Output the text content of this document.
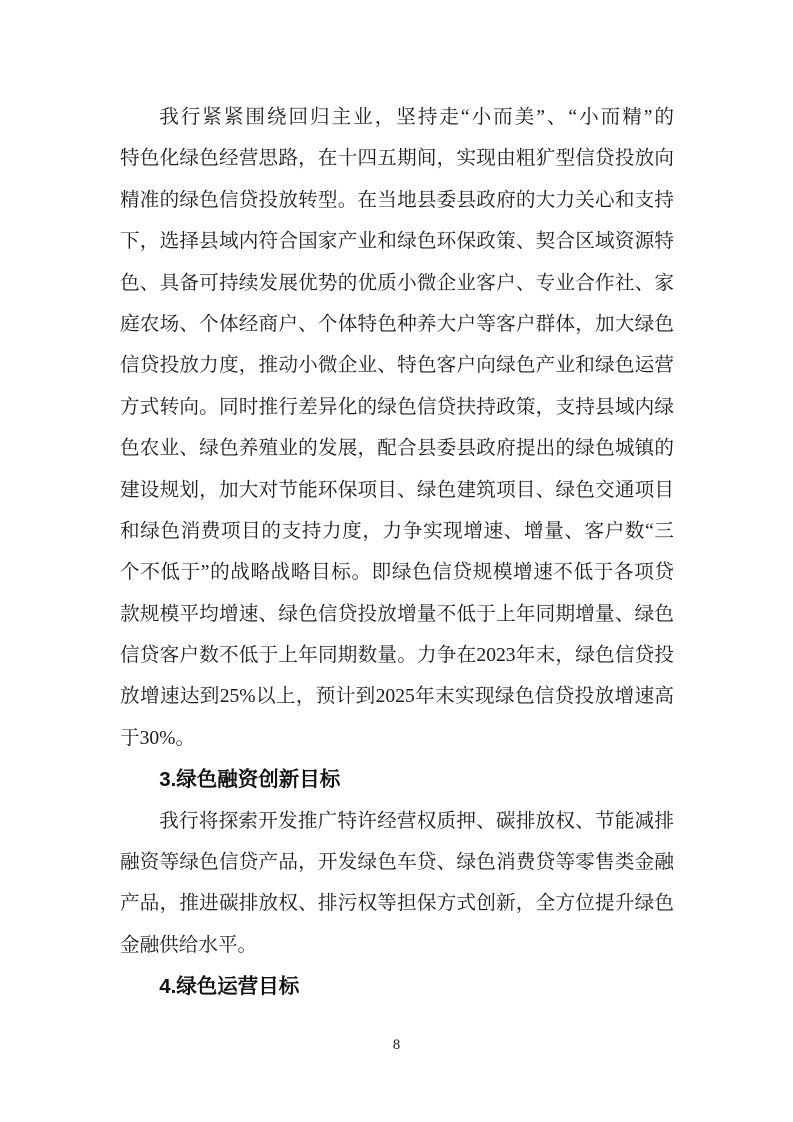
我行紧紧围绕回归主业，坚持走“小而美”、“小而精”的
特色化绿色经营思路，在十四五期间，实现由粗犷型信贷投放向
精准的绿色信贷投放转型。在当地县委县政府的大力关心和支持
下，选择县域内符合国家产业和绿色环保政策、契合区域资源特
色、具备可持续发展优势的优质小微企业客户、专业合作社、家
庭农场、个体经商户、个体特色种养大户等客户群体，加大绿色
信贷投放力度，推动小微企业、特色客户向绿色产业和绿色运营
方式转向。同时推行差异化的绿色信贷扶持政策，支持县域内绿
色农业、绿色养殖业的发展，配合县委县政府提出的绿色城镇的
建设规划，加大对节能环保项目、绿色建筑项目、绿色交通项目
和绿色消费项目的支持力度，力争实现增速、增量、客户数“三
个不低于”的战略战略目标。即绿色信贷规模增速不低于各项贷
款规模平均增速、绿色信贷投放增量不低于上年同期增量、绿色
信贷客户数不低于上年同期数量。力争在2023年末，绿色信贷投
放增速达到25%以上，预计到2025年末实现绿色信贷投放增速高
于30%。
3.绿色融资创新目标
我行将探索开发推广特许经营权质押、碳排放权、节能减排
融资等绿色信贷产品，开发绿色车贷、绿色消费贷等零售类金融
产品，推进碳排放权、排污权等担保方式创新，全方位提升绿色
金融供给水平。
4.绿色运营目标
8
